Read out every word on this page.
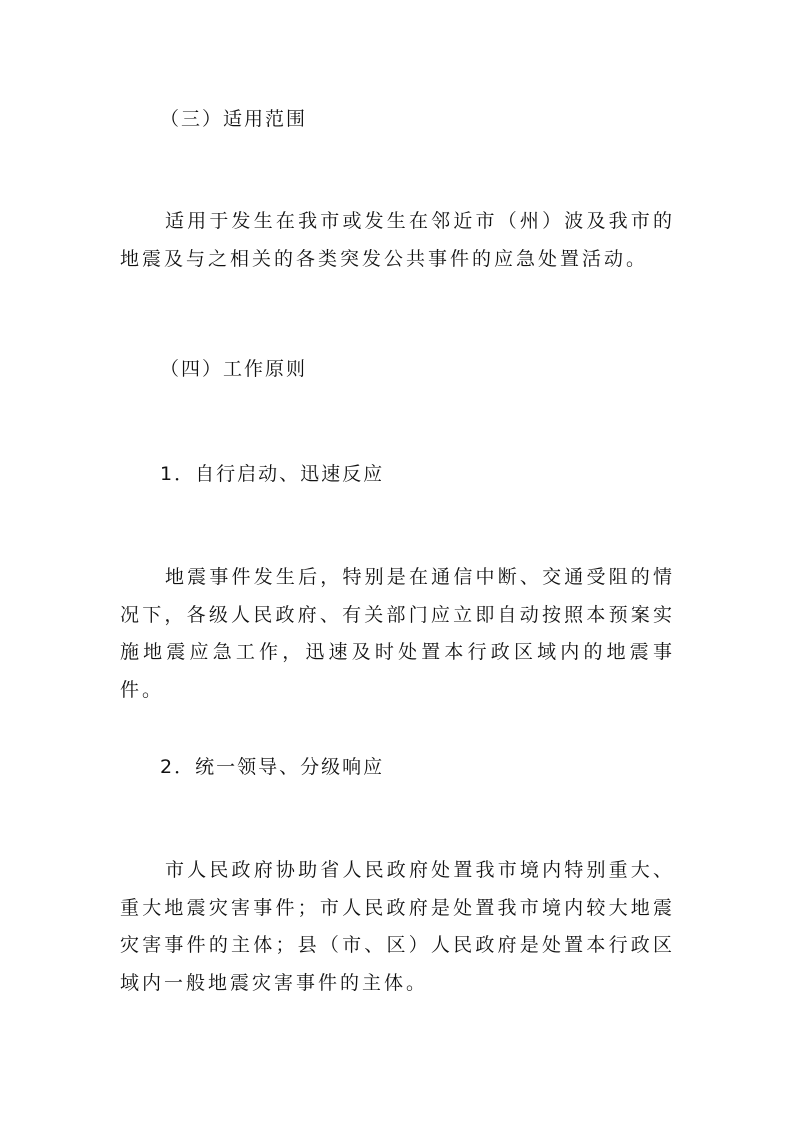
（三）适用范围
适用于发生在我市或发生在邻近市（州）波及我市的地震及与之相关的各类突发公共事件的应急处置活动。
（四）工作原则
1．自行启动、迅速反应
地震事件发生后，特别是在通信中断、交通受阻的情况下，各级人民政府、有关部门应立即自动按照本预案实施地震应急工作，迅速及时处置本行政区域内的地震事件。
2．统一领导、分级响应
市人民政府协助省人民政府处置我市境内特别重大、重大地震灾害事件；市人民政府是处置我市境内较大地震灾害事件的主体；县（市、区）人民政府是处置本行政区域内一般地震灾害事件的主体。
